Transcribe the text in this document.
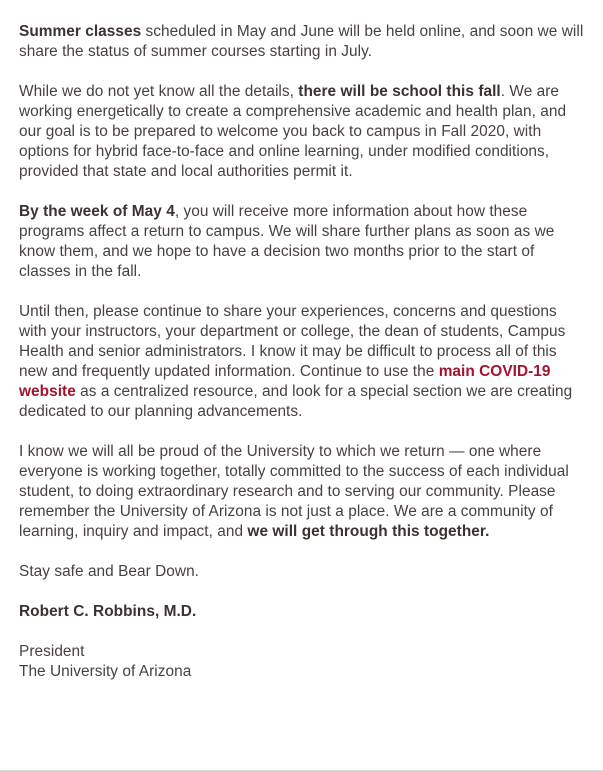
Summer classes scheduled in May and June will be held online, and soon we will share the status of summer courses starting in July.

While we do not yet know all the details, there will be school this fall. We are working energetically to create a comprehensive academic and health plan, and our goal is to be prepared to welcome you back to campus in Fall 2020, with options for hybrid face-to-face and online learning, under modified conditions, provided that state and local authorities permit it.

By the week of May 4, you will receive more information about how these programs affect a return to campus. We will share further plans as soon as we know them, and we hope to have a decision two months prior to the start of classes in the fall.

Until then, please continue to share your experiences, concerns and questions with your instructors, your department or college, the dean of students, Campus Health and senior administrators. I know it may be difficult to process all of this new and frequently updated information. Continue to use the main COVID-19 website as a centralized resource, and look for a special section we are creating dedicated to our planning advancements.

I know we will all be proud of the University to which we return — one where everyone is working together, totally committed to the success of each individual student, to doing extraordinary research and to serving our community. Please remember the University of Arizona is not just a place. We are a community of learning, inquiry and impact, and we will get through this together.

Stay safe and Bear Down.

Robert C. Robbins, M.D.

President
The University of Arizona
